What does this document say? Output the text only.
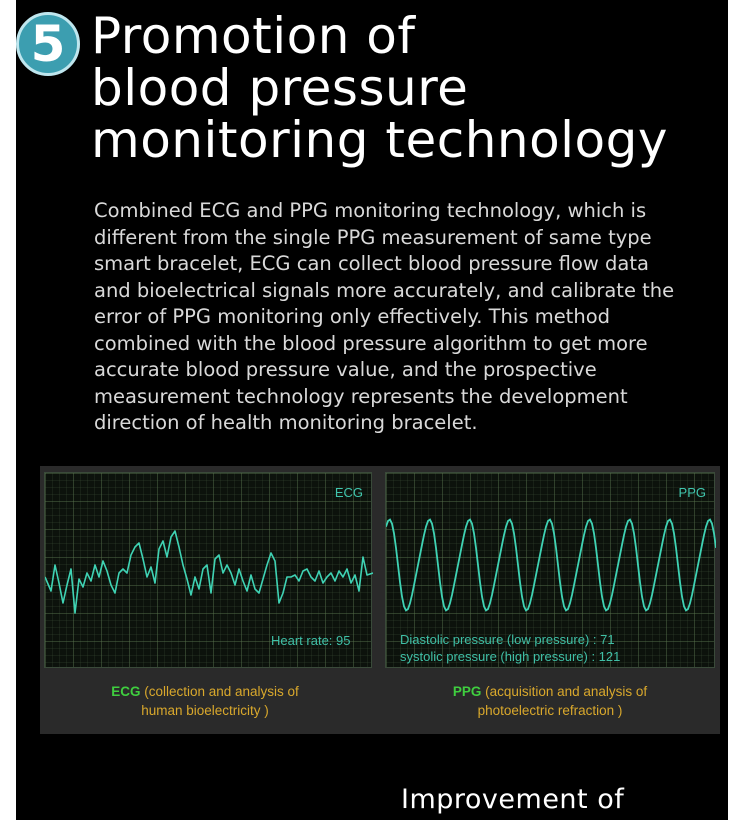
5 Promotion of
blood pressure
monitoring technology
Combined ECG and PPG monitoring technology, which is
different from the single PPG measurement of same type
smart bracelet, ECG can collect blood pressure flow data
and bioelectrical signals more accurately, and calibrate the
error of PPG monitoring only effectively. This method
combined with the blood pressure algorithm to get more
accurate blood pressure value, and the prospective
measurement technology represents the development
direction of health monitoring bracelet.
ECG
Heart rate: 95
PPG
Diastolic pressure (low pressure) : 71
systolic pressure (high pressure) : 121
ECG (collection and analysis of
human bioelectricity )
PPG (acquisition and analysis of
photoelectric refraction )
Improvement of
